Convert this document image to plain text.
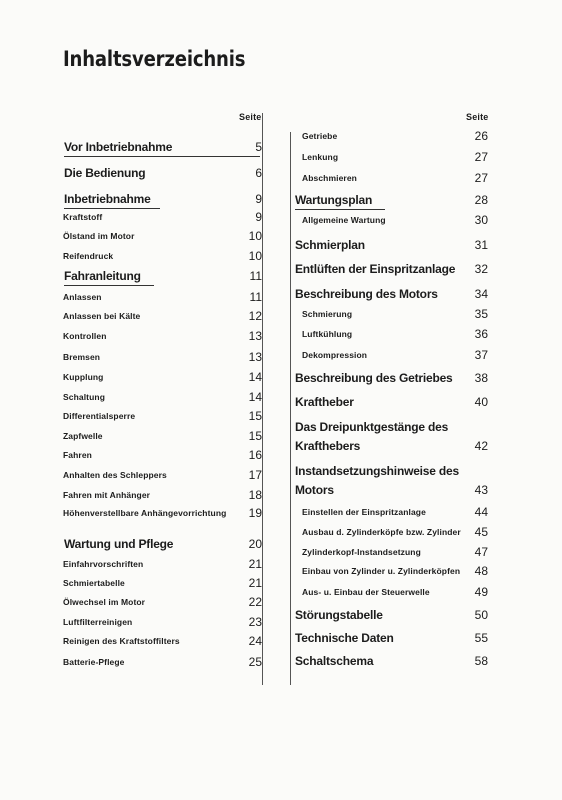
Inhaltsverzeichnis
Seite
Vor Inbetriebnahme	5
Die Bedienung	6
Inbetriebnahme	9
Kraftstoff	9
Ölstand im Motor	10
Reifendruck	10
Fahranleitung	11
Anlassen	11
Anlassen bei Kälte	12
Kontrollen	13
Bremsen	13
Kupplung	14
Schaltung	14
Differentialsperre	15
Zapfwelle	15
Fahren	16
Anhalten des Schleppers	17
Fahren mit Anhänger	18
Höhenverstellbare Anhängevorrichtung	19
Wartung und Pflege	20
Einfahrvorschriften	21
Schmiertabelle	21
Ölwechsel im Motor	22
Luftfilterreinigen	23
Reinigen des Kraftstoffilters	24
Batterie-Pflege	25
Seite
Getriebe	26
Lenkung	27
Abschmieren	27
Wartungsplan	28
Allgemeine Wartung	30
Schmierplan	31
Entlüften der Einspritzanlage	32
Beschreibung des Motors	34
Schmierung	35
Luftkühlung	36
Dekompression	37
Beschreibung des Getriebes	38
Kraftheber	40
Das Dreipunktgestänge des
Krafthebers	42
Instandsetzungshinweise des
Motors	43
Einstellen der Einspritzanlage	44
Ausbau d. Zylinderköpfe bzw. Zylinder	45
Zylinderkopf-Instandsetzung	47
Einbau von Zylinder u. Zylinderköpfen	48
Aus- u. Einbau der Steuerwelle	49
Störungstabelle	50
Technische Daten	55
Schaltschema	58
